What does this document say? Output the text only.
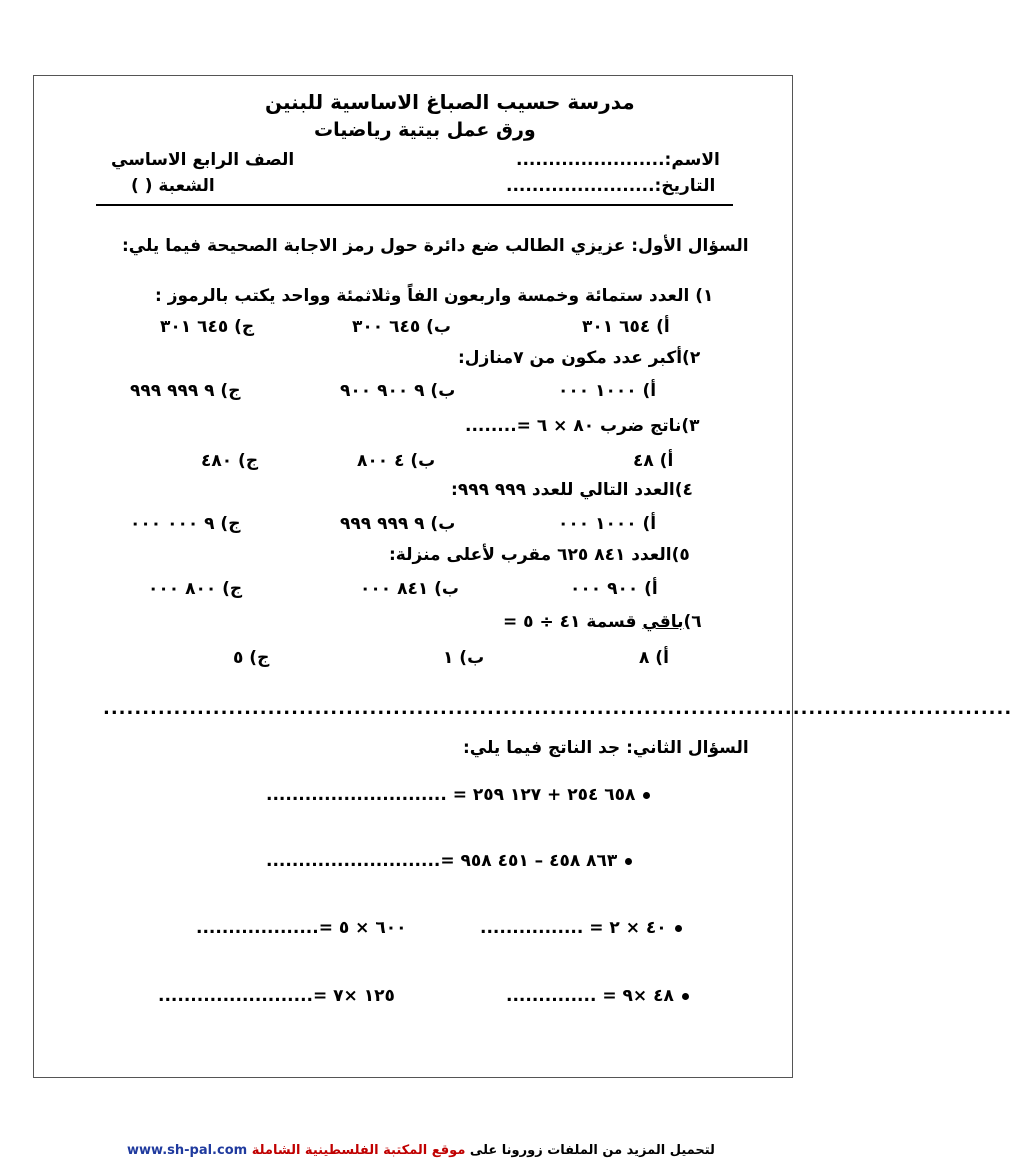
مدرسة حسيب الصباغ الاساسية للبنين
ورق عمل بيتية رياضيات
الاسم:.......................
التاريخ:.......................
الصف الرابع الاساسي
الشعبة ( )
السؤال الأول: عزيزي الطالب ضع دائرة حول رمز الاجابة الصحيحة فيما يلي:
١) العدد ستمائة وخمسة واربعون الفاً وثلاثمئة وواحد يكتب بالرموز :
أ) ٦٥٤ ٣٠١
ب) ٦٤٥ ٣٠٠
ج) ٦٤٥ ٣٠١
٢)أكبر عدد مكون من ٧منازل:
أ) ١٠٠٠ ٠٠٠
ب) ٩ ٩٠٠ ٩٠٠
ج) ٩ ٩٩٩ ٩٩٩
٣)ناتج ضرب ٨٠ × ٦ =........
أ) ٤٨
ب) ٤ ٨٠٠
ج) ٤٨٠
٤)العدد التالي للعدد ٩٩٩ ٩٩٩:
أ) ١٠٠٠ ٠٠٠
ب) ٩ ٩٩٩ ٩٩٩
ج) ٩ ٠٠٠ ٠٠٠
٥)العدد ٨٤١ ٦٢٥ مقرب لأعلى منزلة:
أ) ٩٠٠ ٠٠٠
ب) ٨٤١ ٠٠٠
ج) ٨٠٠ ٠٠٠
٦)باقي قسمة ٤١ ÷ ٥ =
أ) ٨
ب) ١
ج) ٥
....................................................................................................................
السؤال الثاني: جد الناتج فيما يلي:
٦٥٨ ٢٥٤ + ١٢٧ ٢٥٩ = ............................
٨٦٣ ٤٥٨ – ٤٥١ ٩٥٨ =...........................
٤٠ × ٢ = ................
٦٠٠ × ٥ =...................
٤٨ ×٩ = ..............
١٢٥ ×٧ =........................
لتحميل المزيد من الملفات زورونا على موقع المكتبة الفلسطينية الشاملة www.sh-pal.com
